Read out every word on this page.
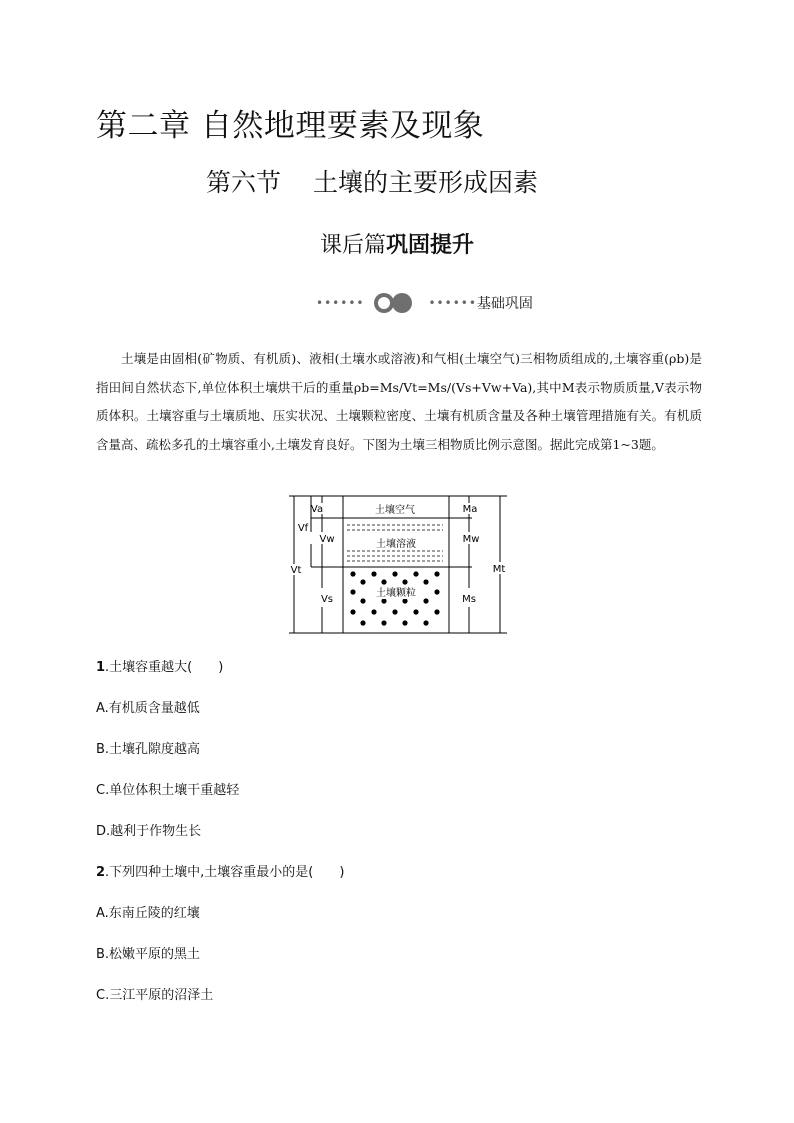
第二章 自然地理要素及现象
第六节 土壤的主要形成因素
课后篇巩固提升
••••••	•••••• 基础巩固
土壤是由固相(矿物质、有机质)、液相(土壤水或溶液)和气相(土壤空气)三相物质组成的,土壤容重(ρb)是指田间自然状态下,单位体积土壤烘干后的重量ρb=Ms/Vt=Ms/(Vs+Vw+Va),其中M表示物质质量,V表示物质体积。土壤容重与土壤质地、压实状况、土壤颗粒密度、土壤有机质含量及各种土壤管理措施有关。有机质含量高、疏松多孔的土壤容重小,土壤发育良好。下图为土壤三相物质比例示意图。据此完成第1~3题。
Va
Vf
Vw
Vt
Vs
Ma
Mw
Mt
Ms
土壤空气
土壤溶液
土壤颗粒
1.土壤容重越大(　　)
A.有机质含量越低
B.土壤孔隙度越高
C.单位体积土壤干重越轻
D.越利于作物生长
2.下列四种土壤中,土壤容重最小的是(　　)
A.东南丘陵的红壤
B.松嫩平原的黑土
C.三江平原的沼泽土
